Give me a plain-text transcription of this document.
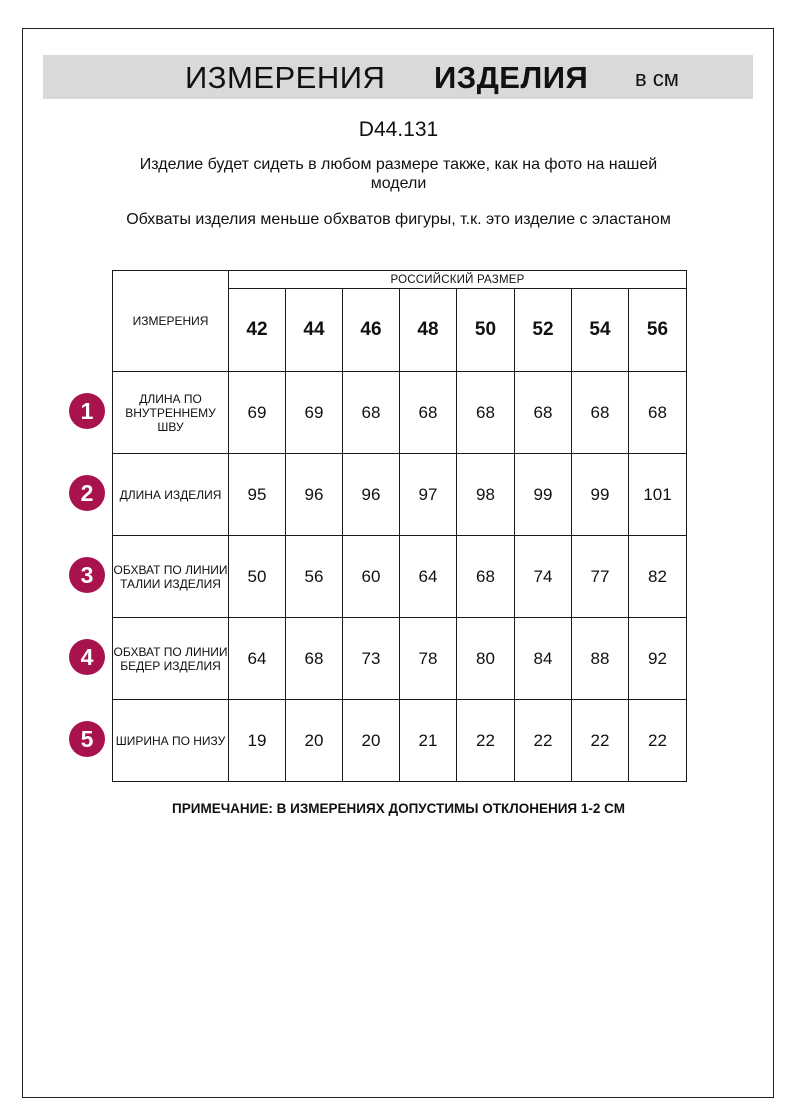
ИЗМЕРЕНИЯ ИЗДЕЛИЯ в см
D44.131
Изделие будет сидеть в любом размере также, как на фото на нашей модели
Обхваты изделия меньше обхватов фигуры, т.к. это изделие с эластаном
ИЗМЕРЕНИЯ	РОССИЙСКИЙ РАЗМЕР							
	42	44	46	48	50	52	54	56
ДЛИНА ПО ВНУТРЕННЕМУ ШВУ	69	69	68	68	68	68	68	68
ДЛИНА ИЗДЕЛИЯ	95	96	96	97	98	99	99	101
ОБХВАТ ПО ЛИНИИ ТАЛИИ ИЗДЕЛИЯ	50	56	60	64	68	74	77	82
ОБХВАТ ПО ЛИНИИ БЕДЕР ИЗДЕЛИЯ	64	68	73	78	80	84	88	92
ШИРИНА ПО НИЗУ	19	20	20	21	22	22	22	22
1
2
3
4
5
ПРИМЕЧАНИЕ: В ИЗМЕРЕНИЯХ ДОПУСТИМЫ ОТКЛОНЕНИЯ 1-2 СМ
